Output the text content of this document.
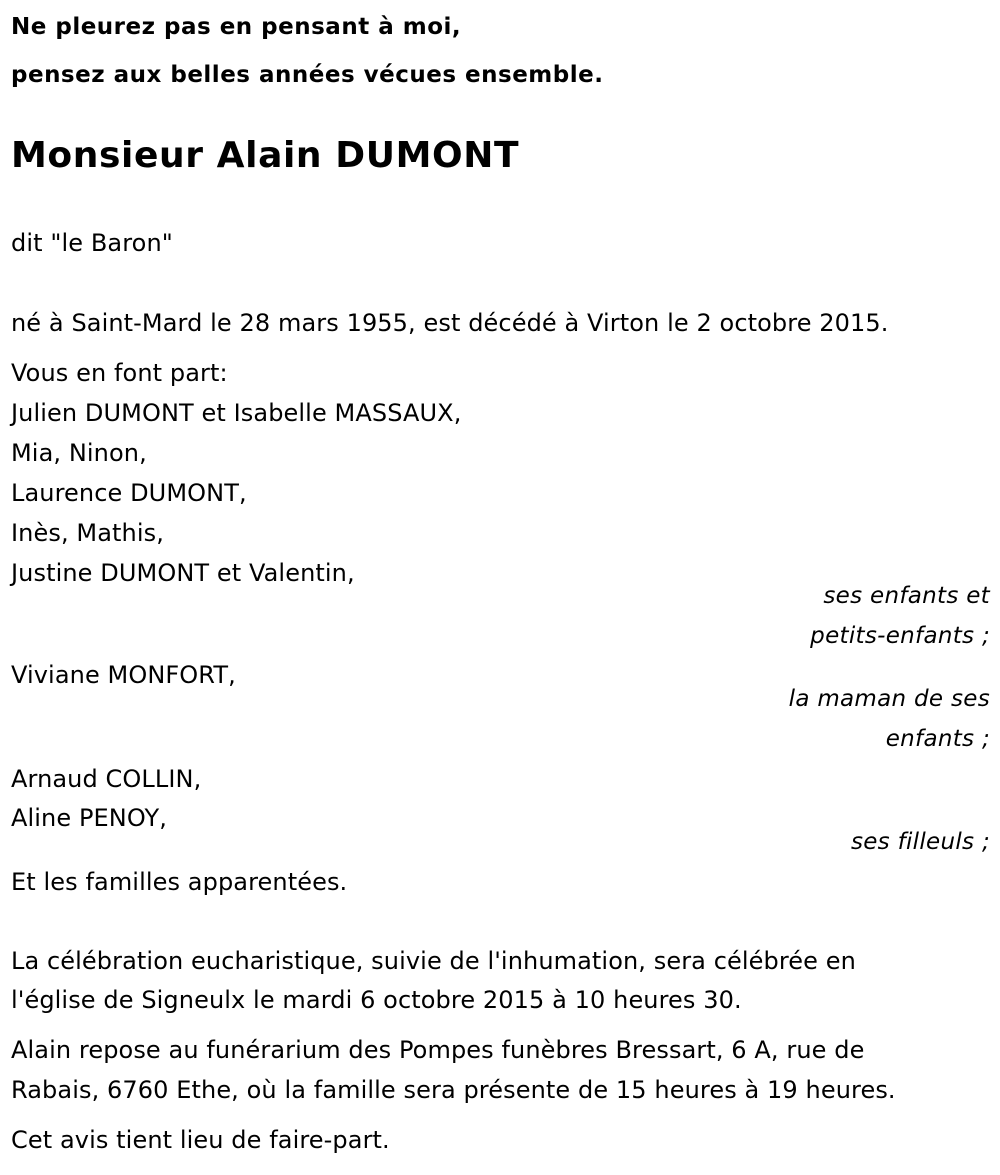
Ne pleurez pas en pensant à moi,
pensez aux belles années vécues ensemble.
Monsieur Alain DUMONT
dit "le Baron"
né à Saint-Mard le 28 mars 1955, est décédé à Virton le 2 octobre 2015.
Vous en font part:
Julien DUMONT et Isabelle MASSAUX,
Mia, Ninon,
Laurence DUMONT,
Inès, Mathis,
Justine DUMONT et Valentin,
ses enfants et
petits-enfants ;
Viviane MONFORT,
la maman de ses
enfants ;
Arnaud COLLIN,
Aline PENOY,
ses filleuls ;
Et les familles apparentées.
La célébration eucharistique, suivie de l'inhumation, sera célébrée en
l'église de Signeulx le mardi 6 octobre 2015 à 10 heures 30.
Alain repose au funérarium des Pompes funèbres Bressart, 6 A, rue de
Rabais, 6760 Ethe, où la famille sera présente de 15 heures à 19 heures.
Cet avis tient lieu de faire-part.
